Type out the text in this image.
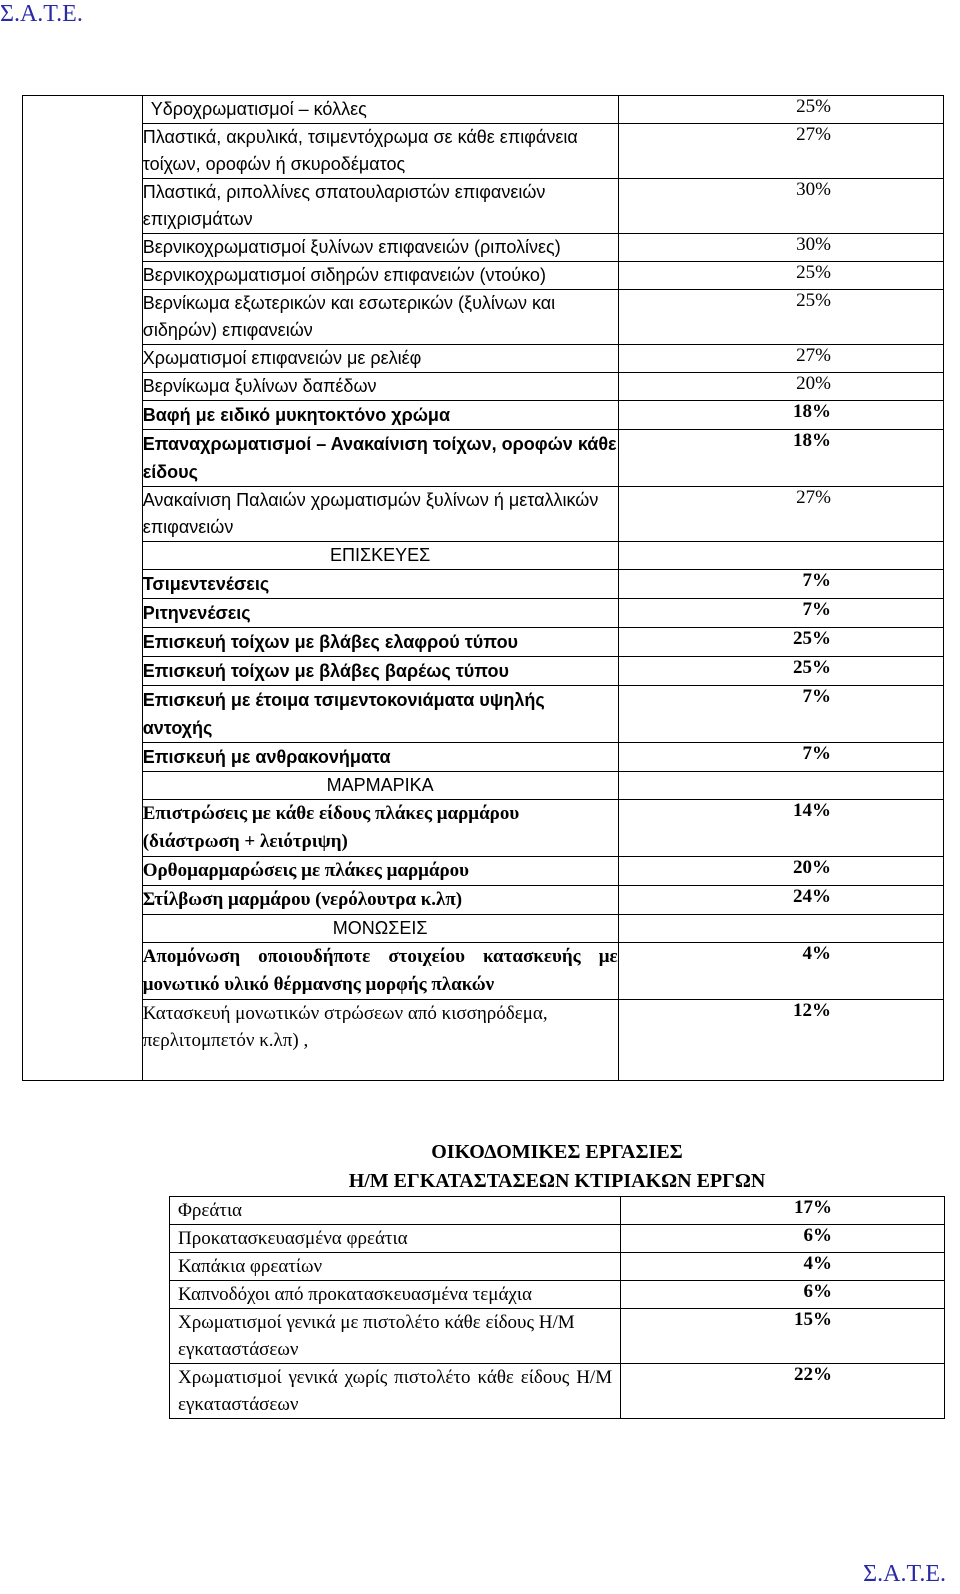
Σ.Α.Τ.Ε.
	Υδροχρωματισμοί – κόλλες	25%
	Πλαστικά, ακρυλικά, τσιμεντόχρωμα σε κάθε επιφάνεια τοίχων, οροφών ή σκυροδέματος	27%
	Πλαστικά, ριπολλίνες σπατουλαριστών επιφανειών επιχρισμάτων	30%
	Βερνικοχρωματισμοί ξυλίνων επιφανειών (ριπολίνες)	30%
	Βερνικοχρωματισμοί σιδηρών επιφανειών (ντούκο)	25%
	Βερνίκωμα εξωτερικών και εσωτερικών (ξυλίνων και σιδηρών) επιφανειών	25%
	Χρωματισμοί επιφανειών με ρελιέφ	27%
	Βερνίκωμα ξυλίνων δαπέδων	20%
	Βαφή με ειδικό μυκητοκτόνο χρώμα	18%
	Επαναχρωματισμοί – Ανακαίνιση τοίχων, οροφών κάθε είδους	18%
	Ανακαίνιση Παλαιών χρωματισμών ξυλίνων ή μεταλλικών επιφανειών	27%
	ΕΠΙΣΚΕΥΕΣ	
	Τσιμεντενέσεις	7%
	Ριτηνενέσεις	7%
	Επισκευή τοίχων με βλάβες ελαφρού τύπου	25%
	Επισκευή τοίχων με βλάβες βαρέως τύπου	25%
	Επισκευή με έτοιμα τσιμεντοκονιάματα υψηλής αντοχής	7%
	Επισκευή με ανθρακονήματα	7%
	ΜΑΡΜΑΡΙΚΑ	
	Επιστρώσεις με κάθε είδους πλάκες μαρμάρου (διάστρωση + λειότριψη)	14%
	Ορθομαρμαρώσεις με πλάκες μαρμάρου	20%
	Στίλβωση μαρμάρου (νερόλουτρα κ.λπ)	24%
	ΜΟΝΩΣΕΙΣ	
	Απομόνωση οποιουδήποτε στοιχείου κατασκευής με μονωτικό υλικό θέρμανσης μορφής πλακών	4%
	Κατασκευή μονωτικών στρώσεων από κισσηρόδεμα, περλιτομπετόν κ.λπ) ,	12%
ΟΙΚΟΔΟΜΙΚΕΣ ΕΡΓΑΣΙΕΣ
Η/Μ ΕΓΚΑΤΑΣΤΑΣΕΩΝ ΚΤΙΡΙΑΚΩΝ ΕΡΓΩΝ	

Φρεάτια	17%
Προκατασκευασμένα φρεάτια	6%
Καπάκια φρεατίων	4%
Καπνοδόχοι από προκατασκευασμένα τεμάχια	6%
Χρωματισμοί γενικά με πιστολέτο κάθε είδους Η/Μ εγκαταστάσεων	15%
Χρωματισμοί γενικά χωρίς πιστολέτο κάθε είδους Η/Μ εγκαταστάσεων	22%
Σ.Α.Τ.Ε.
